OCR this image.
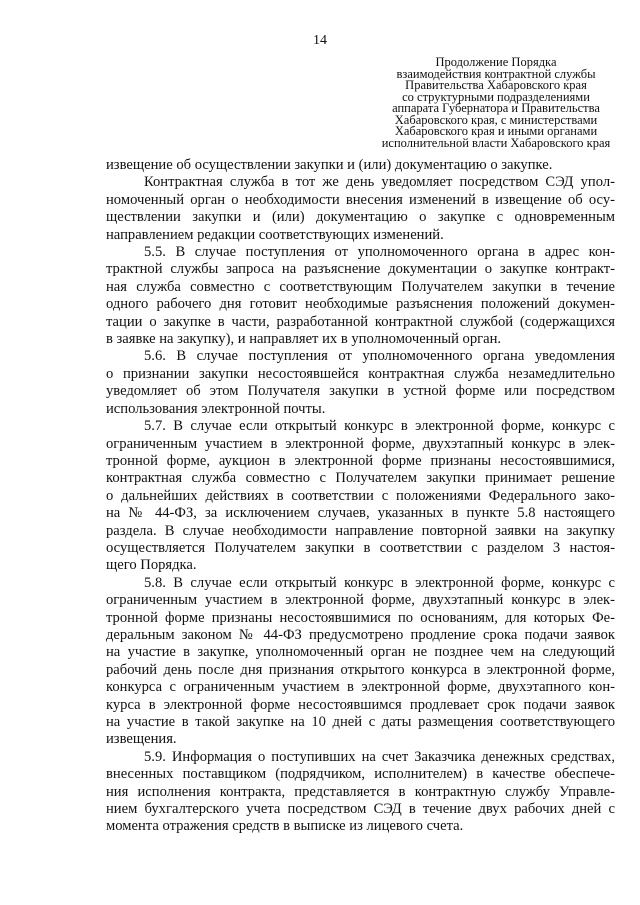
14
Продолжение Порядка
взаимодействия контрактной службы
Правительства Хабаровского края
со структурными подразделениями
аппарата Губернатора и Правительства
Хабаровского края, с министерствами
Хабаровского края и иными органами
исполнительной власти Хабаровского края
извещение об осуществлении закупки и (или) документацию о закупке.
Контрактная служба в тот же день уведомляет посредством СЭД упол-
номоченный орган о необходимости внесения изменений в извещение об осу-
ществлении закупки и (или) документацию о закупке с одновременным
направлением редакции соответствующих изменений.
5.5. В случае поступления от уполномоченного органа в адрес кон-
трактной службы запроса на разъяснение документации о закупке контракт-
ная служба совместно с соответствующим Получателем закупки в течение
одного рабочего дня готовит необходимые разъяснения положений докумен-
тации о закупке в части, разработанной контрактной службой (содержащихся
в заявке на закупку), и направляет их в уполномоченный орган.
5.6. В случае поступления от уполномоченного органа уведомления
о признании закупки несостоявшейся контрактная служба незамедлительно
уведомляет об этом Получателя закупки в устной форме или посредством
использования электронной почты.
5.7. В случае если открытый конкурс в электронной форме, конкурс с
ограниченным участием в электронной форме, двухэтапный конкурс в элек-
тронной форме, аукцион в электронной форме признаны несостоявшимися,
контрактная служба совместно с Получателем закупки принимает решение
о дальнейших действиях в соответствии с положениями Федерального зако-
на № 44-ФЗ, за исключением случаев, указанных в пункте 5.8 настоящего
раздела. В случае необходимости направление повторной заявки на закупку
осуществляется Получателем закупки в соответствии с разделом 3 настоя-
щего Порядка.
5.8. В случае если открытый конкурс в электронной форме, конкурс с
ограниченным участием в электронной форме, двухэтапный конкурс в элек-
тронной форме признаны несостоявшимися по основаниям, для которых Фе-
деральным законом № 44-ФЗ предусмотрено продление срока подачи заявок
на участие в закупке, уполномоченный орган не позднее чем на следующий
рабочий день после дня признания открытого конкурса в электронной форме,
конкурса с ограниченным участием в электронной форме, двухэтапного кон-
курса в электронной форме несостоявшимся продлевает срок подачи заявок
на участие в такой закупке на 10 дней с даты размещения соответствующего
извещения.
5.9. Информация о поступивших на счет Заказчика денежных средствах,
внесенных поставщиком (подрядчиком, исполнителем) в качестве обеспече-
ния исполнения контракта, представляется в контрактную службу Управле-
нием бухгалтерского учета посредством СЭД в течение двух рабочих дней с
момента отражения средств в выписке из лицевого счета.
